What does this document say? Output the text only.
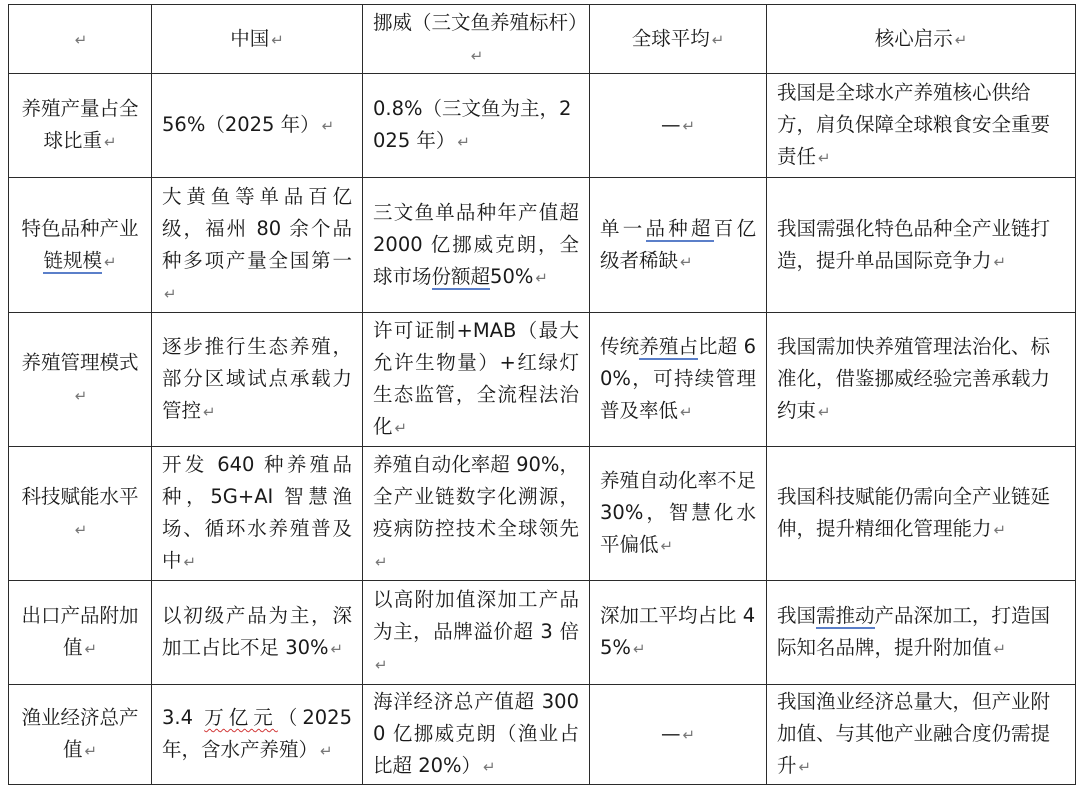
↵	中国 ↵	挪威（三文鱼养殖标杆）↵	全球平均 ↵	核心启示 ↵
养殖产量占全球比重 ↵	56%（2025 年） ↵	0.8%（三文鱼为主，2025 年） ↵	— ↵	我国是全球水产养殖核心供给方，肩负保障全球粮食安全重要责任 ↵
特色品种产业链规模 ↵	大黄鱼等单品百亿级，福州 80 余个品种多项产量全国第一↵	三文鱼单品种年产值超 2000 亿挪威克朗，全球市场份额超50% ↵	单一品种超百亿级者稀缺 ↵	我国需强化特色品种全产业链打造，提升单品国际竞争力 ↵
养殖管理模式↵	逐步推行生态养殖，部分区域试点承载力管控 ↵	许可证制+MAB（最大允许生物量）+红绿灯生态监管，全流程法治化 ↵	传统养殖占比超 60%，可持续管理普及率低 ↵	我国需加快养殖管理法治化、标准化，借鉴挪威经验完善承载力约束 ↵
科技赋能水平↵	开发 640 种养殖品种，5G+AI 智慧渔场、循环水养殖普及中 ↵	养殖自动化率超 90%，全产业链数字化溯源，疫病防控技术全球领先↵	养殖自动化率不足 30%，智慧化水平偏低 ↵	我国科技赋能仍需向全产业链延伸，提升精细化管理能力 ↵
出口产品附加值 ↵	以初级产品为主，深加工占比不足 30% ↵	以高附加值深加工产品为主，品牌溢价超 3 倍↵	深加工平均占比 45% ↵	我国需推动产品深加工，打造国际知名品牌，提升附加值 ↵
渔业经济总产值 ↵	3.4 万亿元（2025 年，含水产养殖） ↵	海洋经济总产值超 3000 亿挪威克朗（渔业占比超 20%） ↵	— ↵	我国渔业经济总量大，但产业附加值、与其他产业融合度仍需提升 ↵
